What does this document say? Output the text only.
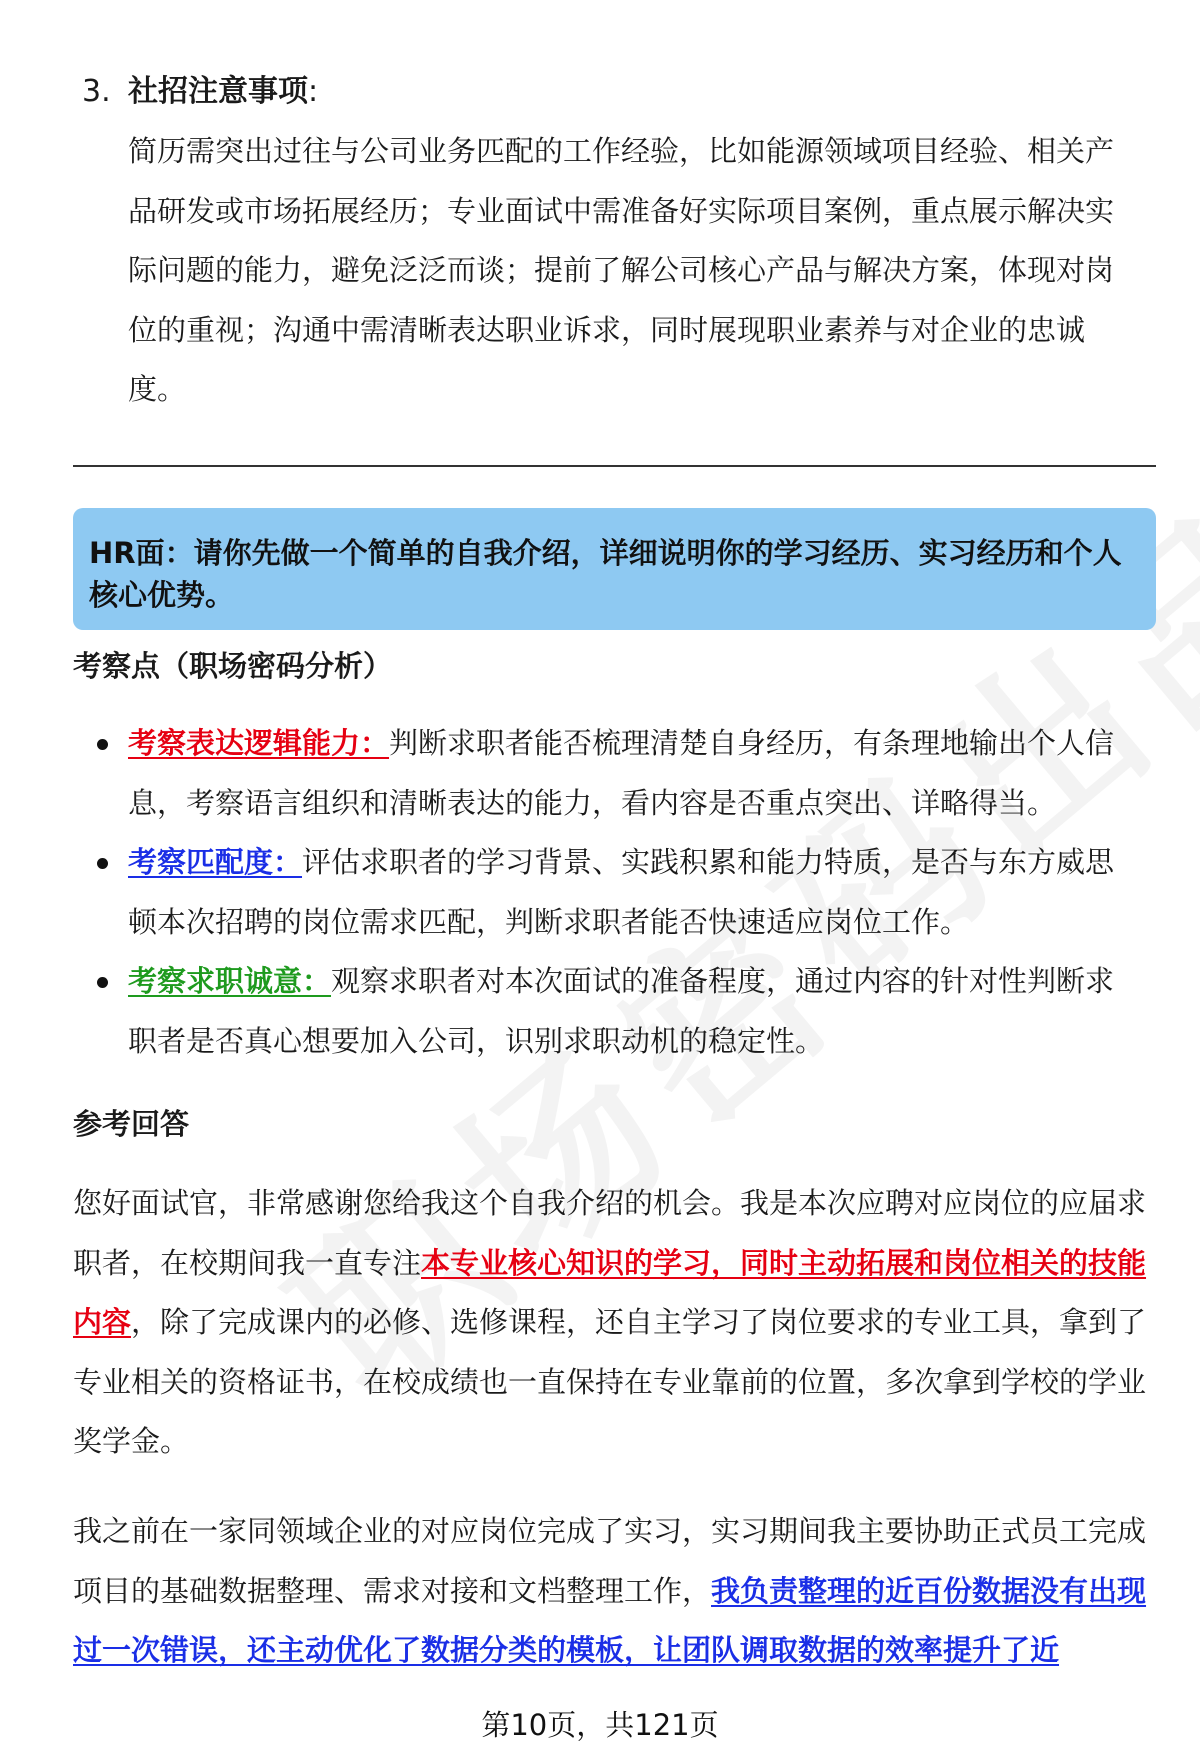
3. 社招注意事项:
简历需突出过往与公司业务匹配的工作经验，比如能源领域项目经验、相关产品研发或市场拓展经历；专业面试中需准备好实际项目案例，重点展示解决实际问题的能力，避免泛泛而谈；提前了解公司核心产品与解决方案，体现对岗位的重视；沟通中需清晰表达职业诉求，同时展现职业素养与对企业的忠诚度。
HR面：请你先做一个简单的自我介绍，详细说明你的学习经历、实习经历和个人核心优势。
考察点（职场密码分析）
考察表达逻辑能力：判断求职者能否梳理清楚自身经历，有条理地输出个人信息，考察语言组织和清晰表达的能力，看内容是否重点突出、详略得当。
考察匹配度：评估求职者的学习背景、实践积累和能力特质，是否与东方威思顿本次招聘的岗位需求匹配，判断求职者能否快速适应岗位工作。
考察求职诚意：观察求职者对本次面试的准备程度，通过内容的针对性判断求职者是否真心想要加入公司，识别求职动机的稳定性。
参考回答

您好面试官，非常感谢您给我这个自我介绍的机会。我是本次应聘对应岗位的应届求职者，在校期间我一直专注本专业核心知识的学习，同时主动拓展和岗位相关的技能内容，除了完成课内的必修、选修课程，还自主学习了岗位要求的专业工具，拿到了专业相关的资格证书，在校成绩也一直保持在专业靠前的位置，多次拿到学校的学业奖学金。

我之前在一家同领域企业的对应岗位完成了实习，实习期间我主要协助正式员工完成项目的基础数据整理、需求对接和文档整理工作，我负责整理的近百份数据没有出现过一次错误，还主动优化了数据分类的模板，让团队调取数据的效率提升了近

第10页，共121页
